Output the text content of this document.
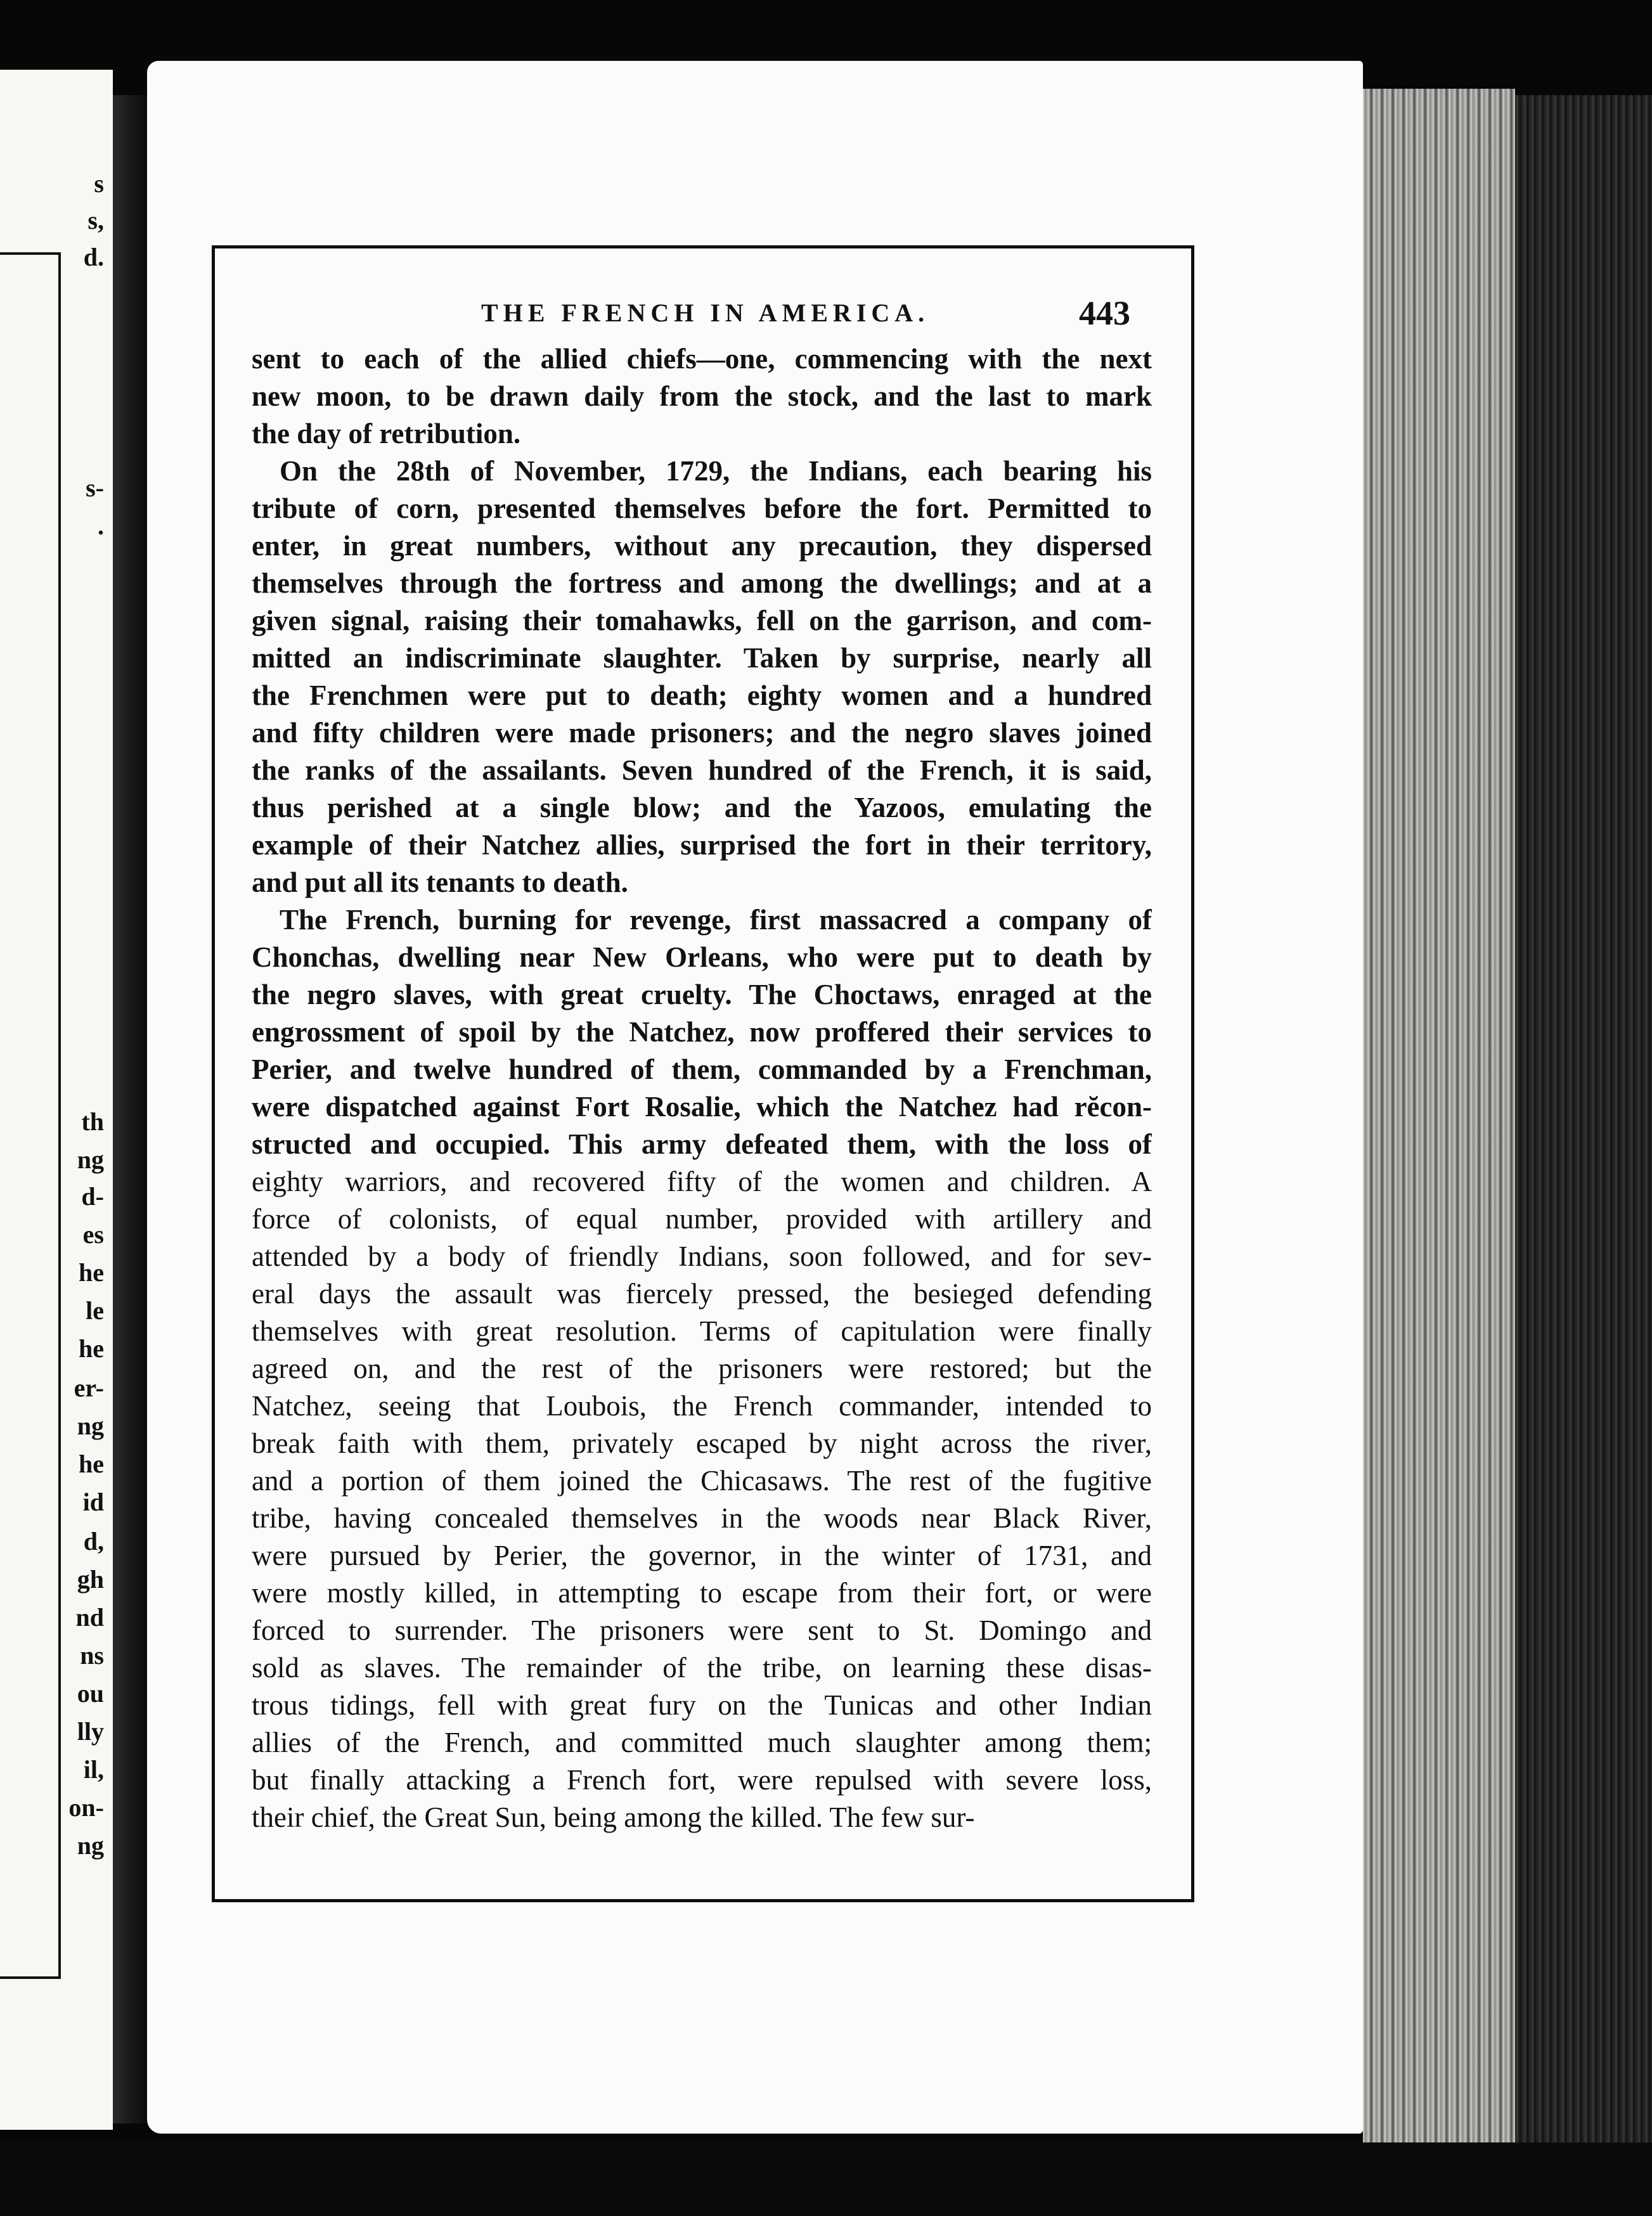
s
s,
d.
s-
.
th
ng
d-
es
he
le
he
er-
ng
he
id
d,
gh
nd
ns
ou
lly
il,
on-
ng
THE FRENCH IN AMERICA.	443
sent to each of the allied chiefs—one, commencing with the next
new moon, to be drawn daily from the stock, and the last to mark
the day of retribution.
On the 28th of November, 1729, the Indians, each bearing his
tribute of corn, presented themselves before the fort. Permitted to
enter, in great numbers, without any precaution, they dispersed
themselves through the fortress and among the dwellings; and at a
given signal, raising their tomahawks, fell on the garrison, and com-
mitted an indiscriminate slaughter. Taken by surprise, nearly all
the Frenchmen were put to death; eighty women and a hundred
and fifty children were made prisoners; and the negro slaves joined
the ranks of the assailants. Seven hundred of the French, it is said,
thus perished at a single blow; and the Yazoos, emulating the
example of their Natchez allies, surprised the fort in their territory,
and put all its tenants to death.
The French, burning for revenge, first massacred a company of
Chonchas, dwelling near New Orleans, who were put to death by
the negro slaves, with great cruelty. The Choctaws, enraged at the
engrossment of spoil by the Natchez, now proffered their services to
Perier, and twelve hundred of them, commanded by a Frenchman,
were dispatched against Fort Rosalie, which the Natchez had rĕcon-
structed and occupied. This army defeated them, with the loss of
eighty warriors, and recovered fifty of the women and children. A
force of colonists, of equal number, provided with artillery and
attended by a body of friendly Indians, soon followed, and for sev-
eral days the assault was fiercely pressed, the besieged defending
themselves with great resolution. Terms of capitulation were finally
agreed on, and the rest of the prisoners were restored; but the
Natchez, seeing that Loubois, the French commander, intended to
break faith with them, privately escaped by night across the river,
and a portion of them joined the Chicasaws. The rest of the fugitive
tribe, having concealed themselves in the woods near Black River,
were pursued by Perier, the governor, in the winter of 1731, and
were mostly killed, in attempting to escape from their fort, or were
forced to surrender. The prisoners were sent to St. Domingo and
sold as slaves. The remainder of the tribe, on learning these disas-
trous tidings, fell with great fury on the Tunicas and other Indian
allies of the French, and committed much slaughter among them;
but finally attacking a French fort, were repulsed with severe loss,
their chief, the Great Sun, being among the killed. The few sur-
